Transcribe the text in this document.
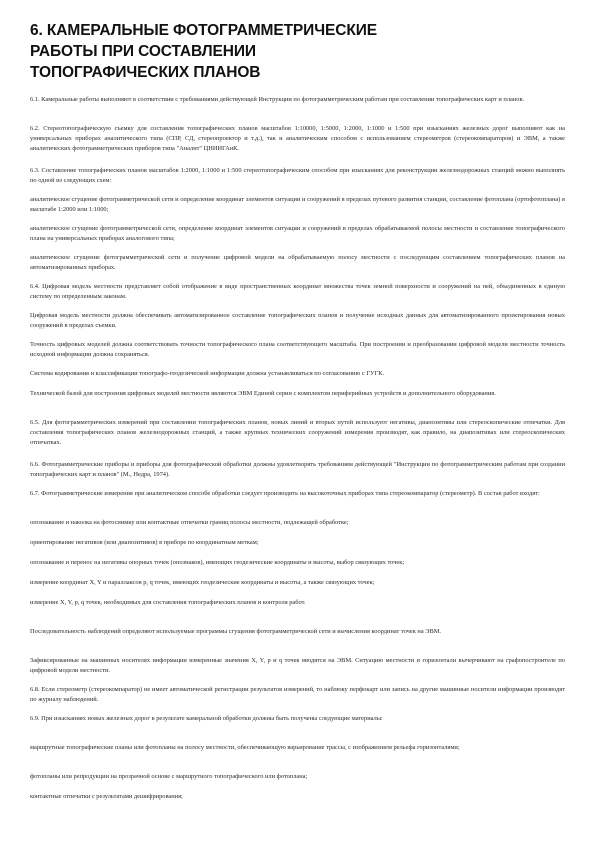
6. КАМЕРАЛЬНЫЕ ФОТОГРАММЕТРИЧЕСКИЕ
РАБОТЫ ПРИ СОСТАВЛЕНИИ
ТОПОГРАФИЧЕСКИХ ПЛАНОВ

6.1. Камеральные работы выполняют в соответствии с требованиями действующей Инструкции по фотограмметрическим работам при составлении топографических карт и планов.

6.2. Стереотопографическую съемку для составления топографических планов масштабов 1:10000, 1:5000, 1:2000, 1:1000 и 1:500 при изысканиях железных дорог выполняют как на универсальных приборах аналитического типа (СПР, СД, стереопроектор и т.д.), так и аналитическим способом с использованием стереометров (стереокомпараторов) и ЭВМ, а также аналитических фотограмметрических приборов типа "Аналит" ЦНИИГАиК.

6.3. Составление топографических планов масштабов 1:2000, 1:1000 и 1:500 стереотопографическим способом при изысканиях для реконструкции железнодорожных станций можно выполнять по одной из следующих схем:

аналитическое сгущение фотограмметрической сети и определение координат элементов ситуации и сооружений в пределах путевого развития станции, составление фотоплана (ортофотоплана) в масштабе 1:2000 или 1:1000;

аналитическое сгущение фотограмметрической сети, определение координат элементов ситуации и сооружений в пределах обрабатываемой полосы местности и составление топографического плана на универсальных приборах аналогового типа;

аналитическое сгущение фотограмметрической сети и получение цифровой модели на обрабатываемую полосу местности с последующим составлением топографических планов на автоматизированных приборах.

6.4. Цифровая модель местности представляет собой отображение в виде пространственных координат множества точек земной поверхности и сооружений на ней, объединенных в единую систему по определенным законам.

Цифровая модель местности должна обеспечивать автоматизированное составление топографических планов и получение исходных данных для автоматизированного проектирования новых сооружений в пределах съемки.

Точность цифровых моделей должна соответствовать точности топографического плана соответствующего масштаба. При построении и преобразовании цифровой модели местности точность исходной информации должна сохраняться.

Система кодирования и классификации топографо-геодезической информации должна устанавливаться по согласованию с ГУГК.

Технической базой для построения цифровых моделей местности являются ЭВМ Единой серии с комплектом периферийных устройств и дополнительного оборудования.

6.5. Для фотограмметрических измерений при составлении топографических планов, новых линий и вторых путей используют негативы, диапозитивы или стереоскопические отпечатки. Для составления топографических планов железнодорожных станций, а также крупных технических сооружений измерения производят, как правило, на диапозитивах или стереоскопических отпечатках.

6.6. Фотограмметрические приборы и приборы для фотографической обработки должны удовлетворять требованиям действующей "Инструкции по фотограмметрическим работам при создании топографических карт и планов" (М., Недра, 1974).

6.7. Фотограмметрические измерения при аналитическом способе обработки следует производить на высокоточных приборах типа стереокомпаратор (стереометр). В состав работ входят:

опознавание и наколка на фотоснимку или контактные отпечатки границ полосы местности, подлежащей обработке;

ориентирование негативов (или диапозитивов) в приборе по координатным меткам;

опознавание и перенос на негативы опорных точек (опознаков), имеющих геодезические координаты и высоты, выбор связующих точек;

измерение координат X, Y и параллаксов p, q точек, имеющих геодезические координаты и высоты, а также связующих точек;

измерение X, Y, p, q точек, необходимых для составления топографических планов и контроля работ.

Последовательность наблюдений определяют используемые программы сгущения фотограмметрической сети и вычисления координат точек на ЭВМ.

Зафиксированные на машинных носителях информации измеренные значения X, Y, p и q точек вводятся на ЭВМ. Ситуацию местности и горизонтали вычерчивают на графопостроителе по цифровой модели местности.

6.8. Если стереометр (стереокомпаратор) не имеет автоматической регистрации результатов измерений, то наблюку перфокарт или запись на другие машинные носители информации производят по журналу наблюдений.

6.9. При изысканиях новых железных дорог в результате камеральной обработки должны быть получены следующие материалы:

маршрутные топографические планы или фотопланы на полосу местности, обеспечивающую варьирование трассы, с изображением рельефа горизонталями;

фотопланы или репродукции на прозрачной основе с маршрутного топографического или фотоплана;

контактные отпечатки с результатами дешифрирования;
